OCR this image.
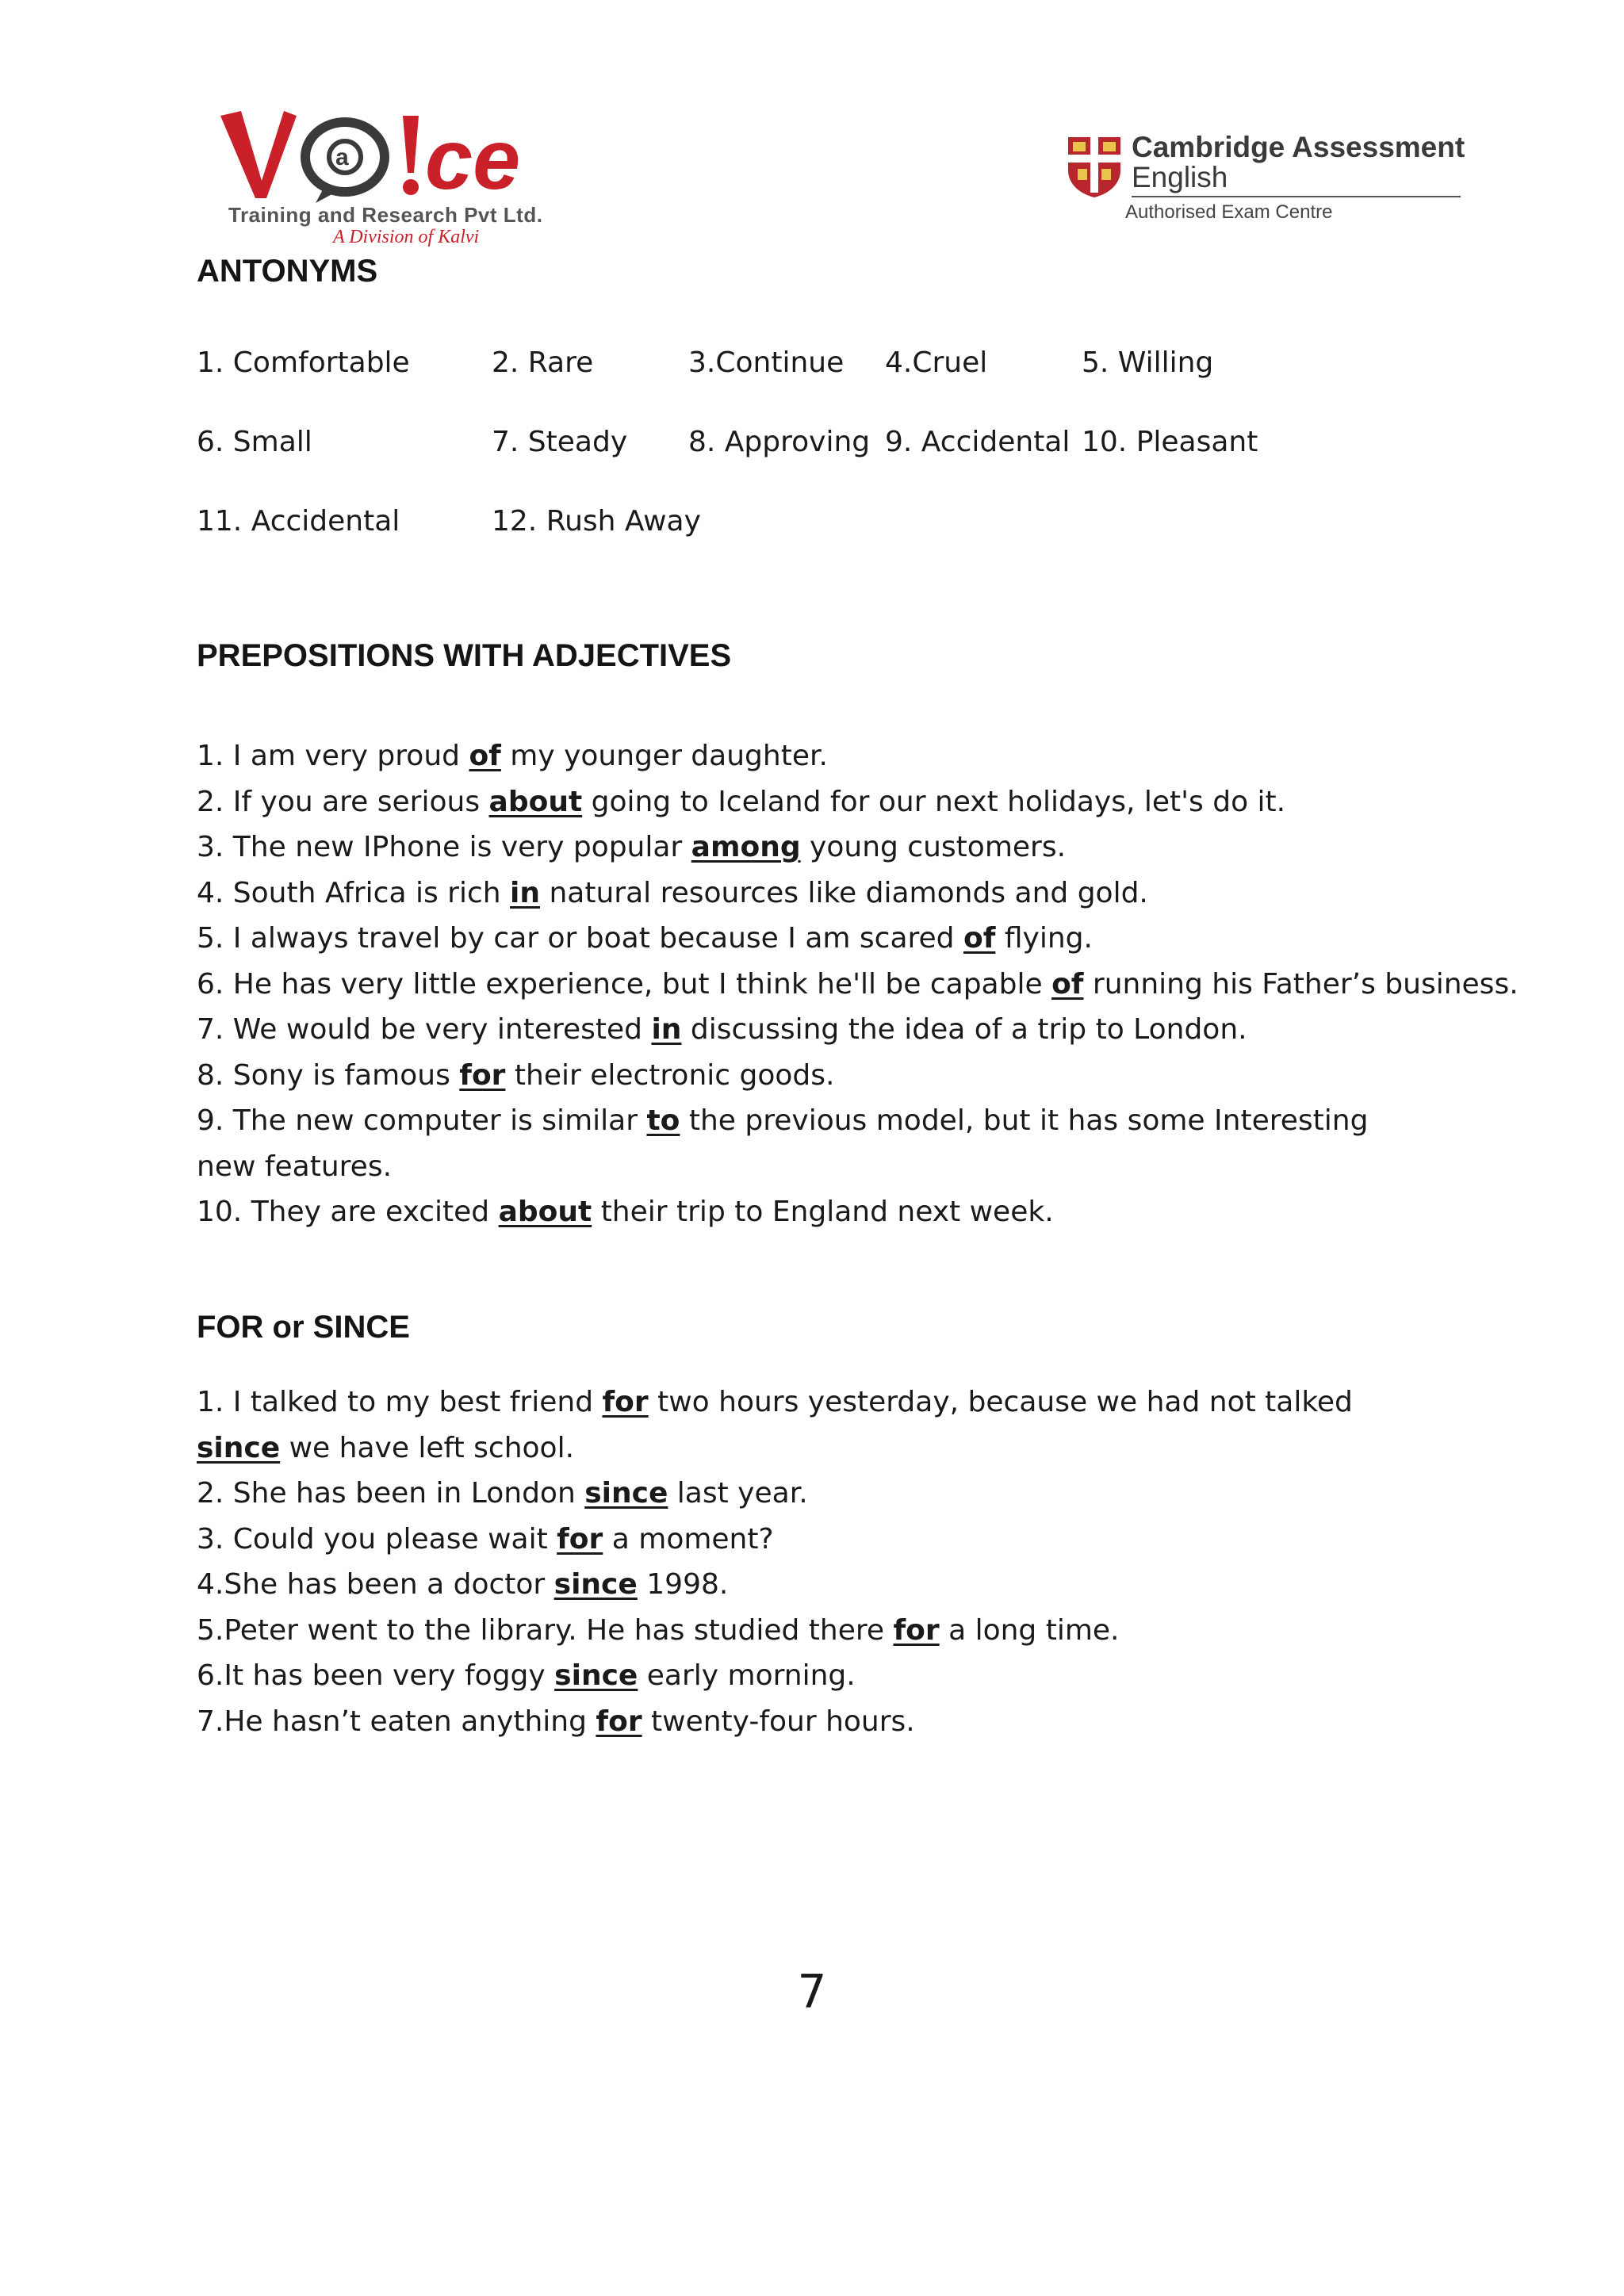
a ce
Training and Research Pvt Ltd.
A Division of Kalvi
Cambridge Assessment
English
Authorised Exam Centre
ANTONYMS
1. Comfortable	2. Rare	3.Continue 4.Cruel	5. Willing
6. Small	7. Steady 8. Approving 9. Accidental 10. Pleasant
11. Accidental	12. Rush Away
PREPOSITIONS WITH ADJECTIVES
1. I am very proud of my younger daughter.
2. If you are serious about going to Iceland for our next holidays, let's do it.
3. The new IPhone is very popular among young customers.
4. South Africa is rich in natural resources like diamonds and gold.
5. I always travel by car or boat because I am scared of flying.
6. He has very little experience, but I think he'll be capable of running his Father’s business.
7. We would be very interested in discussing the idea of a trip to London.
8. Sony is famous for their electronic goods.
9. The new computer is similar to the previous model, but it has some Interesting new features.
10. They are excited about their trip to England next week.
FOR or SINCE
1. I talked to my best friend for two hours yesterday, because we had not talked since we have left school.
2. She has been in London since last year.
3. Could you please wait for a moment?
4.She has been a doctor since 1998.
5.Peter went to the library. He has studied there for a long time.
6.It has been very foggy since early morning.
7.He hasn’t eaten anything for twenty-four hours.
7
